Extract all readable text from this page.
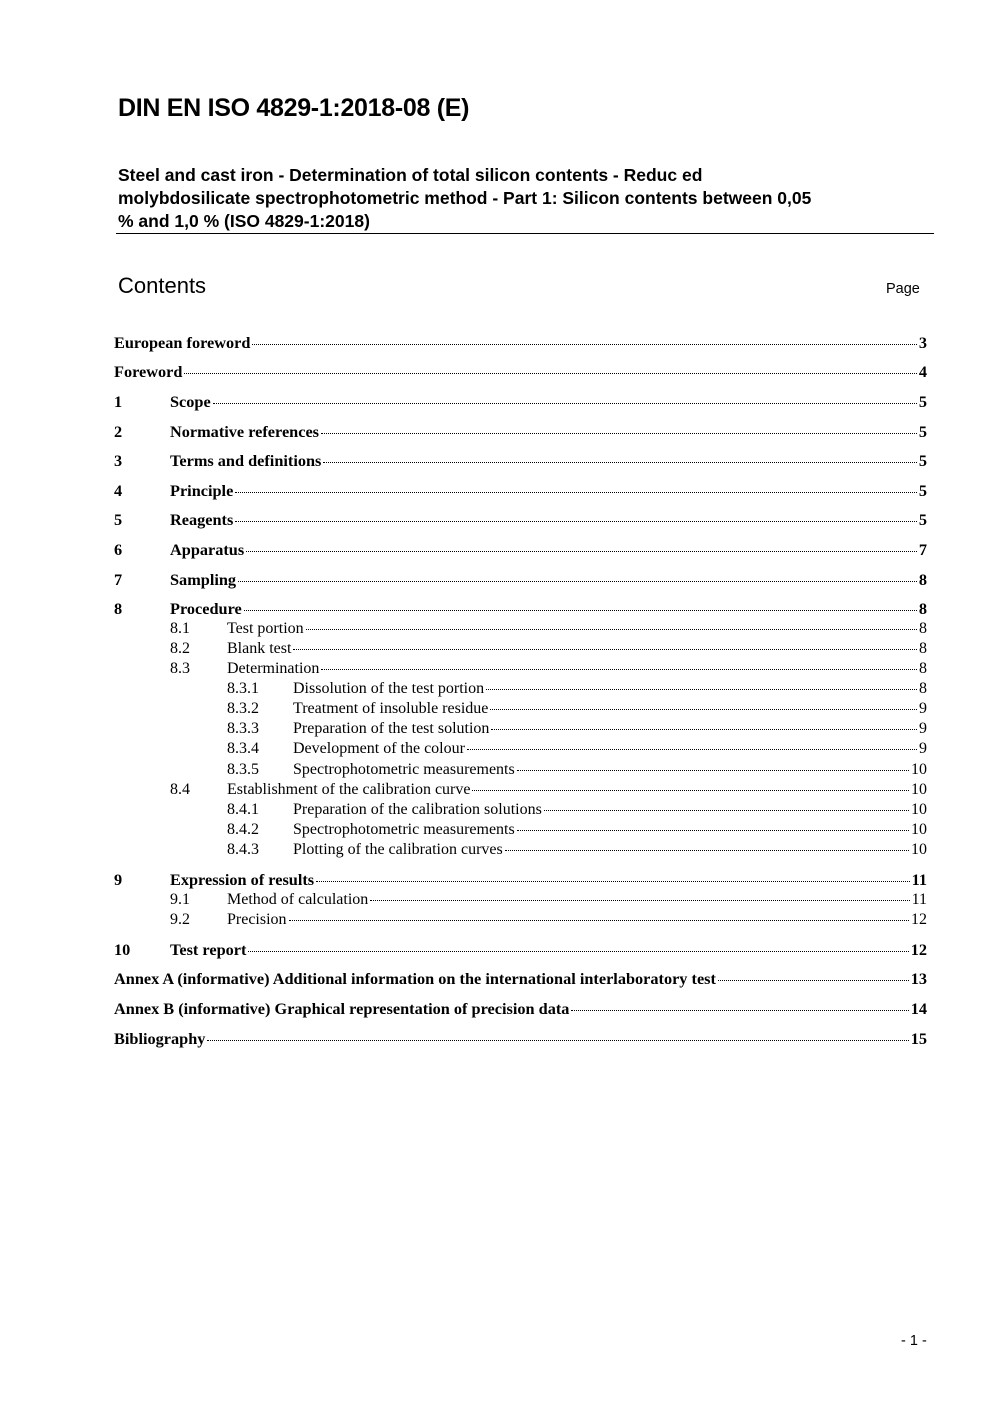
DIN EN ISO 4829-1:2018-08 (E)
Steel and cast iron - Determination of total silicon contents - Reduc ed
molybdosilicate spectrophotometric method - Part 1: Silicon contents between 0,05
% and 1,0 % (ISO 4829-1:2018)
Contents	Page
European foreword	3
Foreword	4
1	Scope	5
2	Normative references	5
3	Terms and definitions	5
4	Principle	5
5	Reagents	5
6	Apparatus	7
7	Sampling	8
8	Procedure	8
8.1	Test portion	8
8.2	Blank test	8
8.3	Determination	8
8.3.1	Dissolution of the test portion	8
8.3.2	Treatment of insoluble residue	9
8.3.3	Preparation of the test solution	9
8.3.4	Development of the colour	9
8.3.5	Spectrophotometric measurements	10
8.4	Establishment of the calibration curve	10
8.4.1	Preparation of the calibration solutions	10
8.4.2	Spectrophotometric measurements	10
8.4.3	Plotting of the calibration curves	10
9	Expression of results	11
9.1	Method of calculation	11
9.2	Precision	12
10	Test report	12
Annex A (informative) Additional information on the international interlaboratory test	13
Annex B (informative) Graphical representation of precision data	14
Bibliography	15
- 1 -
